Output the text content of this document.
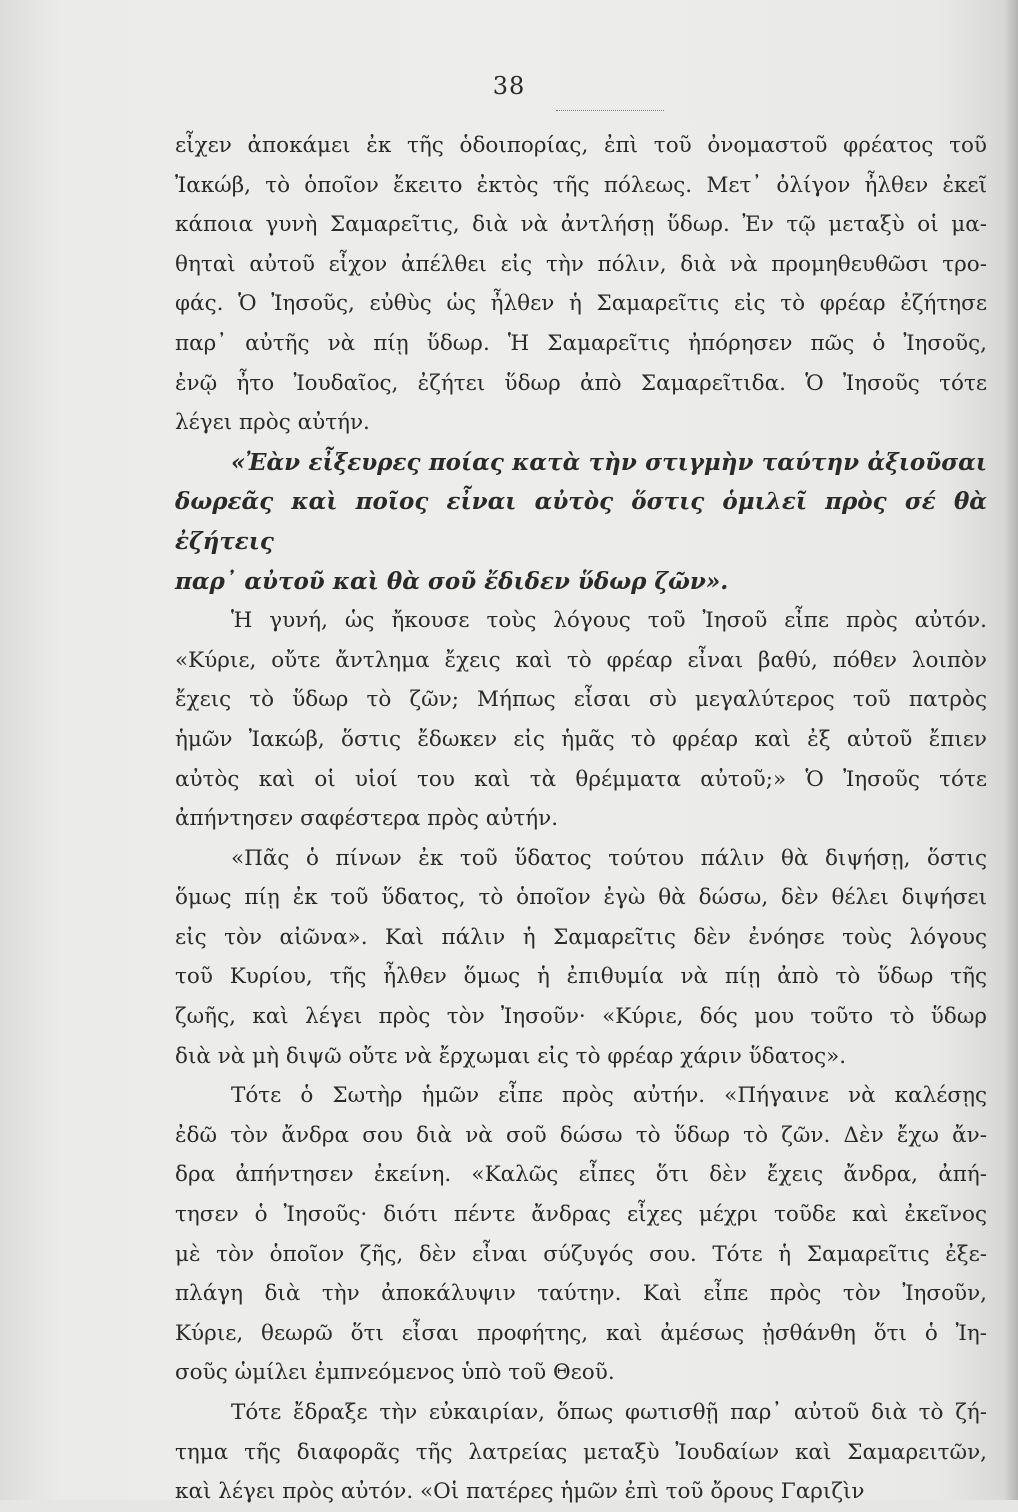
38

εἶχεν ἀποκάμει ἐκ τῆς ὁδοιπορίας, ἐπὶ τοῦ ὀνομαστοῦ φρέατος τοῦ

Ἰακώβ, τὸ ὁποῖον ἔκειτο ἐκτὸς τῆς πόλεως. Μετ᾽ ὀλίγον ἦλθεν ἐκεῖ

κάποια γυνὴ Σαμαρεῖτις, διὰ νὰ ἀντλήσῃ ὕδωρ. Ἐν τῷ μεταξὺ οἱ μα-

θηταὶ αὐτοῦ εἶχον ἀπέλθει εἰς τὴν πόλιν, διὰ νὰ προμηθευθῶσι τρο-

φάς. Ὁ Ἰησοῦς, εὐθὺς ὡς ἦλθεν ἡ Σαμαρεῖτις εἰς τὸ φρέαρ ἐζήτησε

παρ᾽ αὐτῆς νὰ πίῃ ὕδωρ. Ἡ Σαμαρεῖτις ἠπόρησεν πῶς ὁ Ἰησοῦς,

ἐνῷ ἦτο Ἰουδαῖος, ἐζήτει ὕδωρ ἀπὸ Σαμαρεῖτιδα. Ὁ Ἰησοῦς τότε

λέγει πρὸς αὐτήν.

«Ἐὰν εἶξευρες ποίας κατὰ τὴν στιγμὴν ταύτην ἀξιοῦσαι

δωρεᾶς καὶ ποῖος εἶναι αὐτὸς ὅστις ὁμιλεῖ πρὸς σέ θὰ ἐζήτεις

παρ᾽ αὐτοῦ καὶ θὰ σοῦ ἔδιδεν ὕδωρ ζῶν».

Ἡ γυνή, ὡς ἤκουσε τοὺς λόγους τοῦ Ἰησοῦ εἶπε πρὸς αὐτόν.

«Κύριε, οὔτε ἄντλημα ἔχεις καὶ τὸ φρέαρ εἶναι βαθύ, πόθεν λοιπὸν

ἔχεις τὸ ὕδωρ τὸ ζῶν; Μήπως εἶσαι σὺ μεγαλύτερος τοῦ πατρὸς

ἡμῶν Ἰακώβ, ὅστις ἔδωκεν εἰς ἡμᾶς τὸ φρέαρ καὶ ἐξ αὐτοῦ ἔπιεν

αὐτὸς καὶ οἱ υἱοί του καὶ τὰ θρέμματα αὐτοῦ;» Ὁ Ἰησοῦς τότε

ἀπήντησεν σαφέστερα πρὸς αὐτήν.

«Πᾶς ὁ πίνων ἐκ τοῦ ὕδατος τούτου πάλιν θὰ διψήσῃ, ὅστις

ὅμως πίῃ ἐκ τοῦ ὕδατος, τὸ ὁποῖον ἐγὼ θὰ δώσω, δὲν θέλει διψήσει

εἰς τὸν αἰῶνα». Καὶ πάλιν ἡ Σαμαρεῖτις δὲν ἐνόησε τοὺς λόγους

τοῦ Κυρίου, τῆς ἦλθεν ὅμως ἡ ἐπιθυμία νὰ πίῃ ἀπὸ τὸ ὕδωρ τῆς

ζωῆς, καὶ λέγει πρὸς τὸν Ἰησοῦν· «Κύριε, δός μου τοῦτο τὸ ὕδωρ

διὰ νὰ μὴ διψῶ οὔτε νὰ ἔρχωμαι εἰς τὸ φρέαρ χάριν ὕδατος».

Τότε ὁ Σωτὴρ ἡμῶν εἶπε πρὸς αὐτήν. «Πήγαινε νὰ καλέσῃς

ἐδῶ τὸν ἄνδρα σου διὰ νὰ σοῦ δώσω τὸ ὕδωρ τὸ ζῶν. Δὲν ἔχω ἄν-

δρα ἀπήντησεν ἐκείνη. «Καλῶς εἶπες ὅτι δὲν ἔχεις ἄνδρα, ἀπή-

τησεν ὁ Ἰησοῦς· διότι πέντε ἄνδρας εἶχες μέχρι τοῦδε καὶ ἐκεῖνος

μὲ τὸν ὁποῖον ζῆς, δὲν εἶναι σύζυγός σου. Τότε ἡ Σαμαρεῖτις ἐξε-

πλάγη διὰ τὴν ἀποκάλυψιν ταύτην. Καὶ εἶπε πρὸς τὸν Ἰησοῦν,

Κύριε, θεωρῶ ὅτι εἶσαι προφήτης, καὶ ἀμέσως ᾐσθάνθη ὅτι ὁ Ἰη-

σοῦς ὡμίλει ἐμπνεόμενος ὑπὸ τοῦ Θεοῦ.

Τότε ἔδραξε τὴν εὐκαιρίαν, ὅπως φωτισθῇ παρ᾽ αὐτοῦ διὰ τὸ ζή-

τημα τῆς διαφορᾶς τῆς λατρείας μεταξὺ Ἰουδαίων καὶ Σαμαρειτῶν,

καὶ λέγει πρὸς αὐτόν. «Οἱ πατέρες ἡμῶν ἐπὶ τοῦ ὄρους Γαριζὶν
